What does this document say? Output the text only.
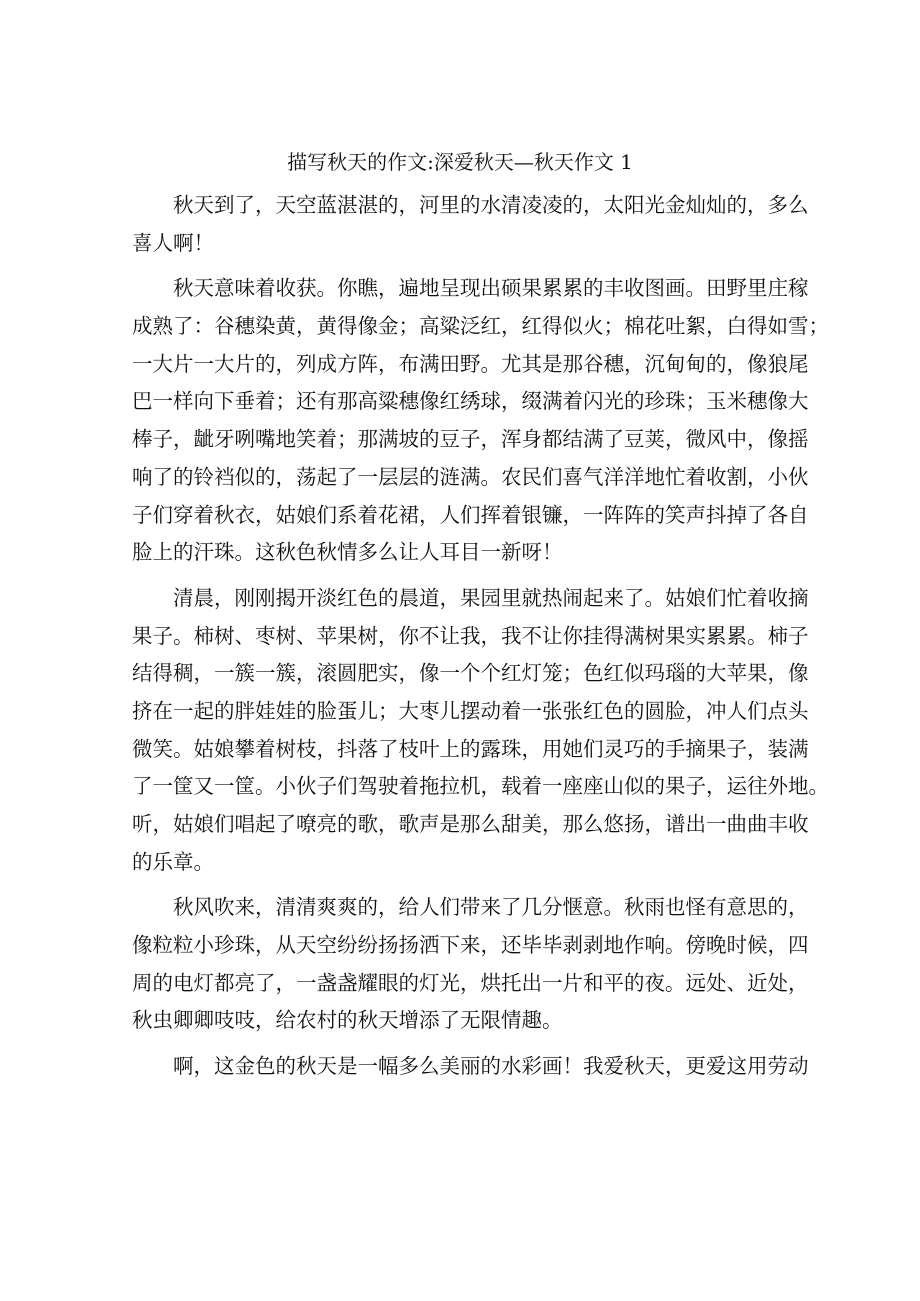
描写秋天的作文:深爱秋天—秋天作文 1
秋天到了，天空蓝湛湛的，河里的水清凌凌的，太阳光金灿灿的，多么
喜人啊！
秋天意味着收获。你瞧，遍地呈现出硕果累累的丰收图画。田野里庄稼
成熟了：谷穗染黄，黄得像金；高粱泛红，红得似火；棉花吐絮，白得如雪；
一大片一大片的，列成方阵，布满田野。尤其是那谷穗，沉甸甸的，像狼尾
巴一样向下垂着；还有那高粱穗像红绣球，缀满着闪光的珍珠；玉米穗像大
棒子，龇牙咧嘴地笑着；那满坡的豆子，浑身都结满了豆荚，微风中，像摇
响了的铃裆似的，荡起了一层层的涟满。农民们喜气洋洋地忙着收割，小伙
子们穿着秋衣，姑娘们系着花裙，人们挥着银镰，一阵阵的笑声抖掉了各自
脸上的汗珠。这秋色秋情多么让人耳目一新呀！
清晨，刚刚揭开淡红色的晨道，果园里就热闹起来了。姑娘们忙着收摘
果子。柿树、枣树、苹果树，你不让我，我不让你挂得满树果实累累。柿子
结得稠，一簇一簇，滚圆肥实，像一个个红灯笼；色红似玛瑙的大苹果，像
挤在一起的胖娃娃的脸蛋儿；大枣儿摆动着一张张红色的圆脸，冲人们点头
微笑。姑娘攀着树枝，抖落了枝叶上的露珠，用她们灵巧的手摘果子，装满
了一筐又一筐。小伙子们驾驶着拖拉机，载着一座座山似的果子，运往外地。
听，姑娘们唱起了嘹亮的歌，歌声是那么甜美，那么悠扬，谱出一曲曲丰收
的乐章。
秋风吹来，清清爽爽的，给人们带来了几分惬意。秋雨也怪有意思的，
像粒粒小珍珠，从天空纷纷扬扬洒下来，还毕毕剥剥地作响。傍晚时候，四
周的电灯都亮了，一盏盏耀眼的灯光，烘托出一片和平的夜。远处、近处，
秋虫卿卿吱吱，给农村的秋天增添了无限情趣。
啊，这金色的秋天是一幅多么美丽的水彩画！我爱秋天，更爱这用劳动
